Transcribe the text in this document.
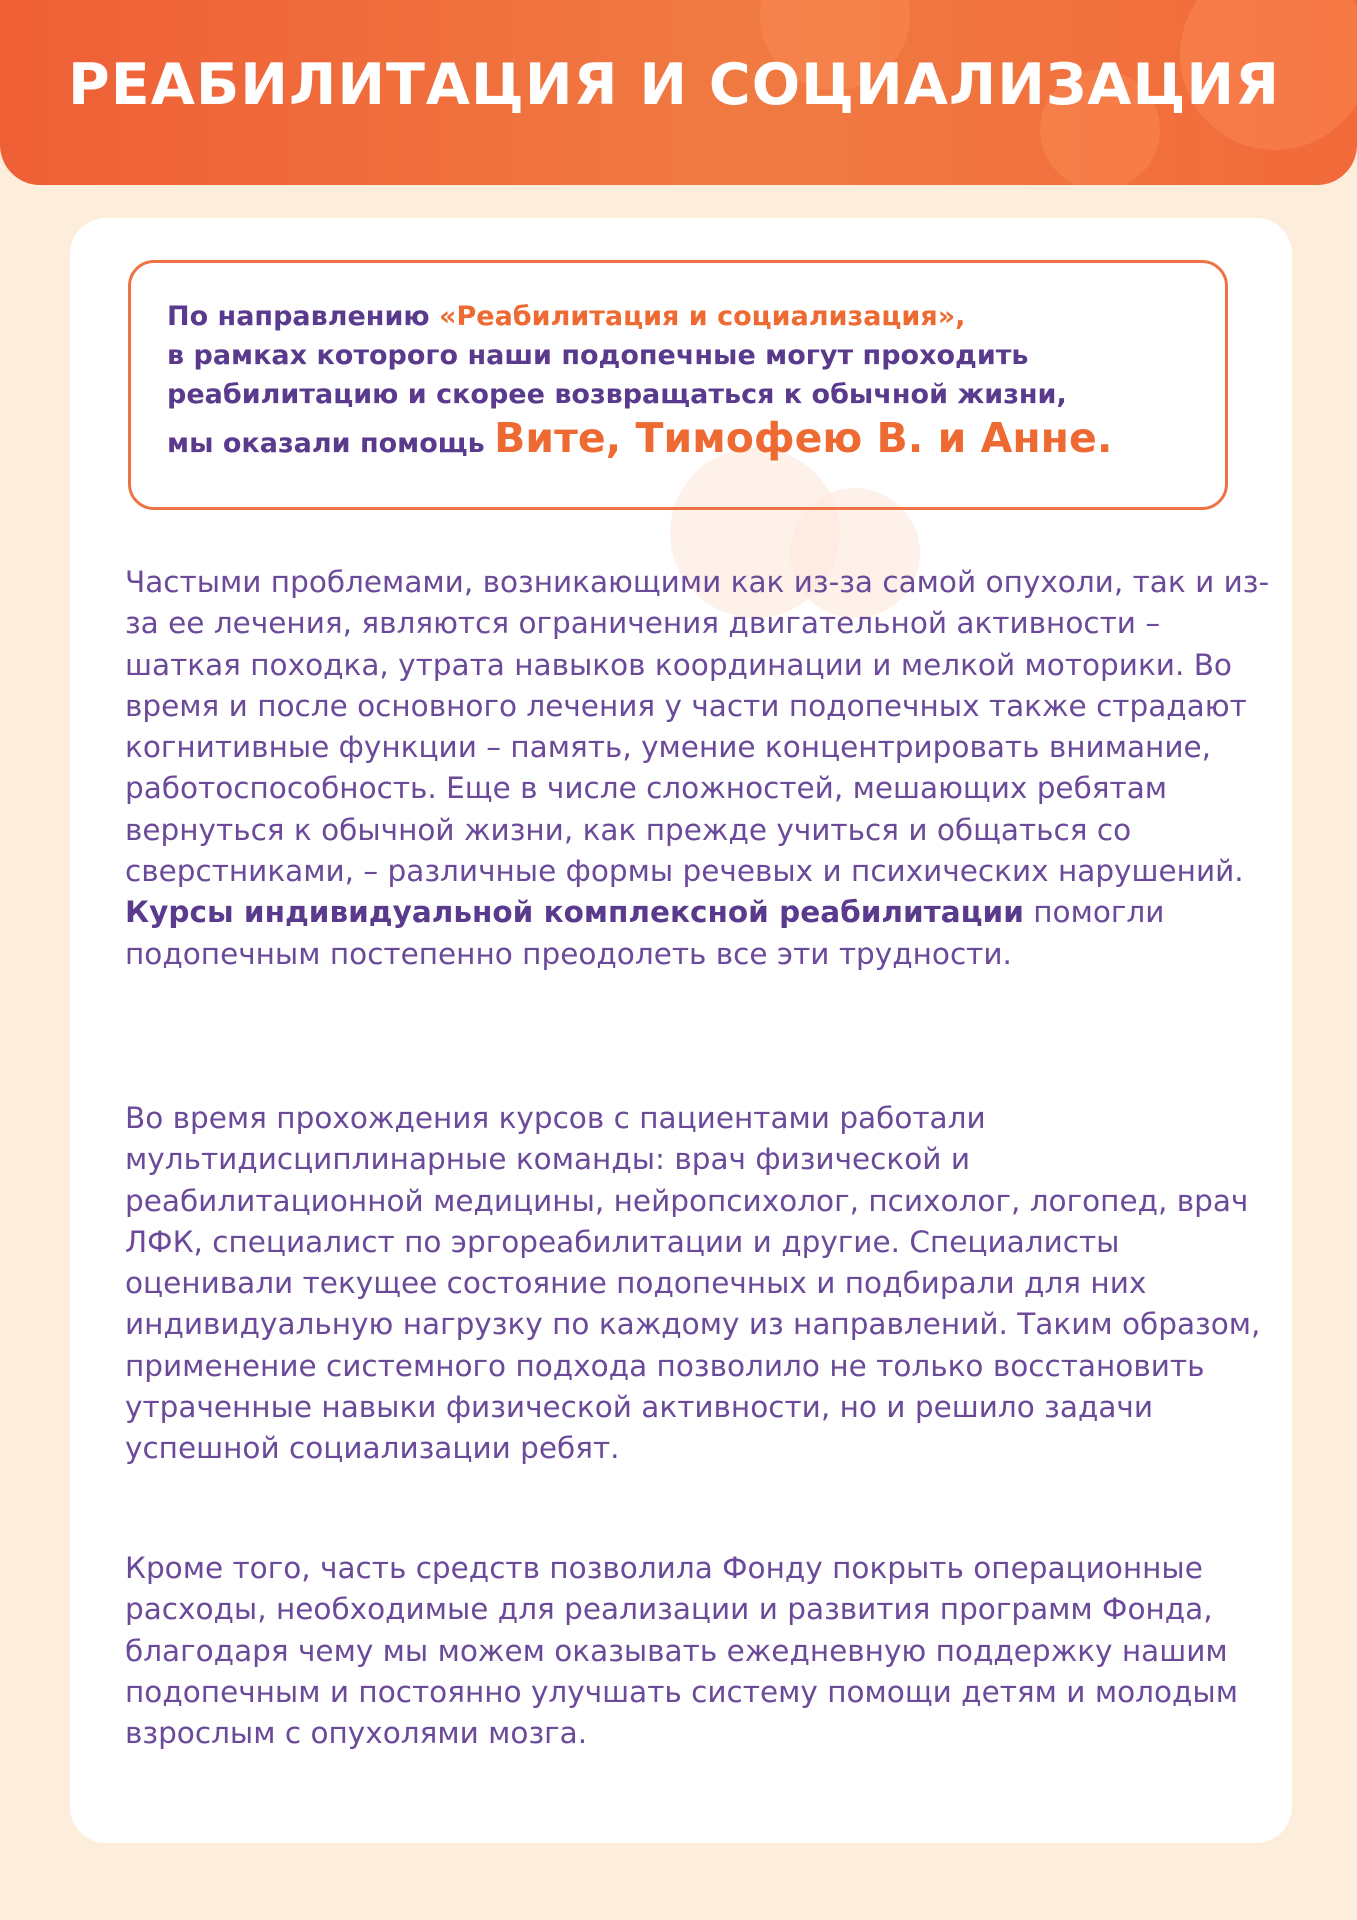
РЕАБИЛИТАЦИЯ И СОЦИАЛИЗАЦИЯ

По направлению «Реабилитация и социализация»,
в рамках которого наши подопечные могут проходить
реабилитацию и скорее возвращаться к обычной жизни,
мы оказали помощь Вите, Тимофею В. и Анне.

Частыми проблемами, возникающими как из-за самой опухоли, так и из-за ее лечения, являются ограничения двигательной активности – шаткая походка, утрата навыков координации и мелкой моторики. Во время и после основного лечения у части подопечных также страдают когнитивные функции – память, умение концентрировать внимание, работоспособность. Еще в числе сложностей, мешающих ребятам вернуться к обычной жизни, как прежде учиться и общаться со сверстниками, – различные формы речевых и психических нарушений. Курсы индивидуальной комплексной реабилитации помогли подопечным постепенно преодолеть все эти трудности.

Во время прохождения курсов с пациентами работали мультидисциплинарные команды: врач физической и реабилитационной медицины, нейропсихолог, психолог, логопед, врач ЛФК, специалист по эргореабилитации и другие. Специалисты оценивали текущее состояние подопечных и подбирали для них индивидуальную нагрузку по каждому из направлений. Таким образом, применение системного подхода позволило не только восстановить утраченные навыки физической активности, но и решило задачи успешной социализации ребят.

Кроме того, часть средств позволила Фонду покрыть операционные расходы, необходимые для реализации и развития программ Фонда, благодаря чему мы можем оказывать ежедневную поддержку нашим подопечным и постоянно улучшать систему помощи детям и молодым взрослым с опухолями мозга.
